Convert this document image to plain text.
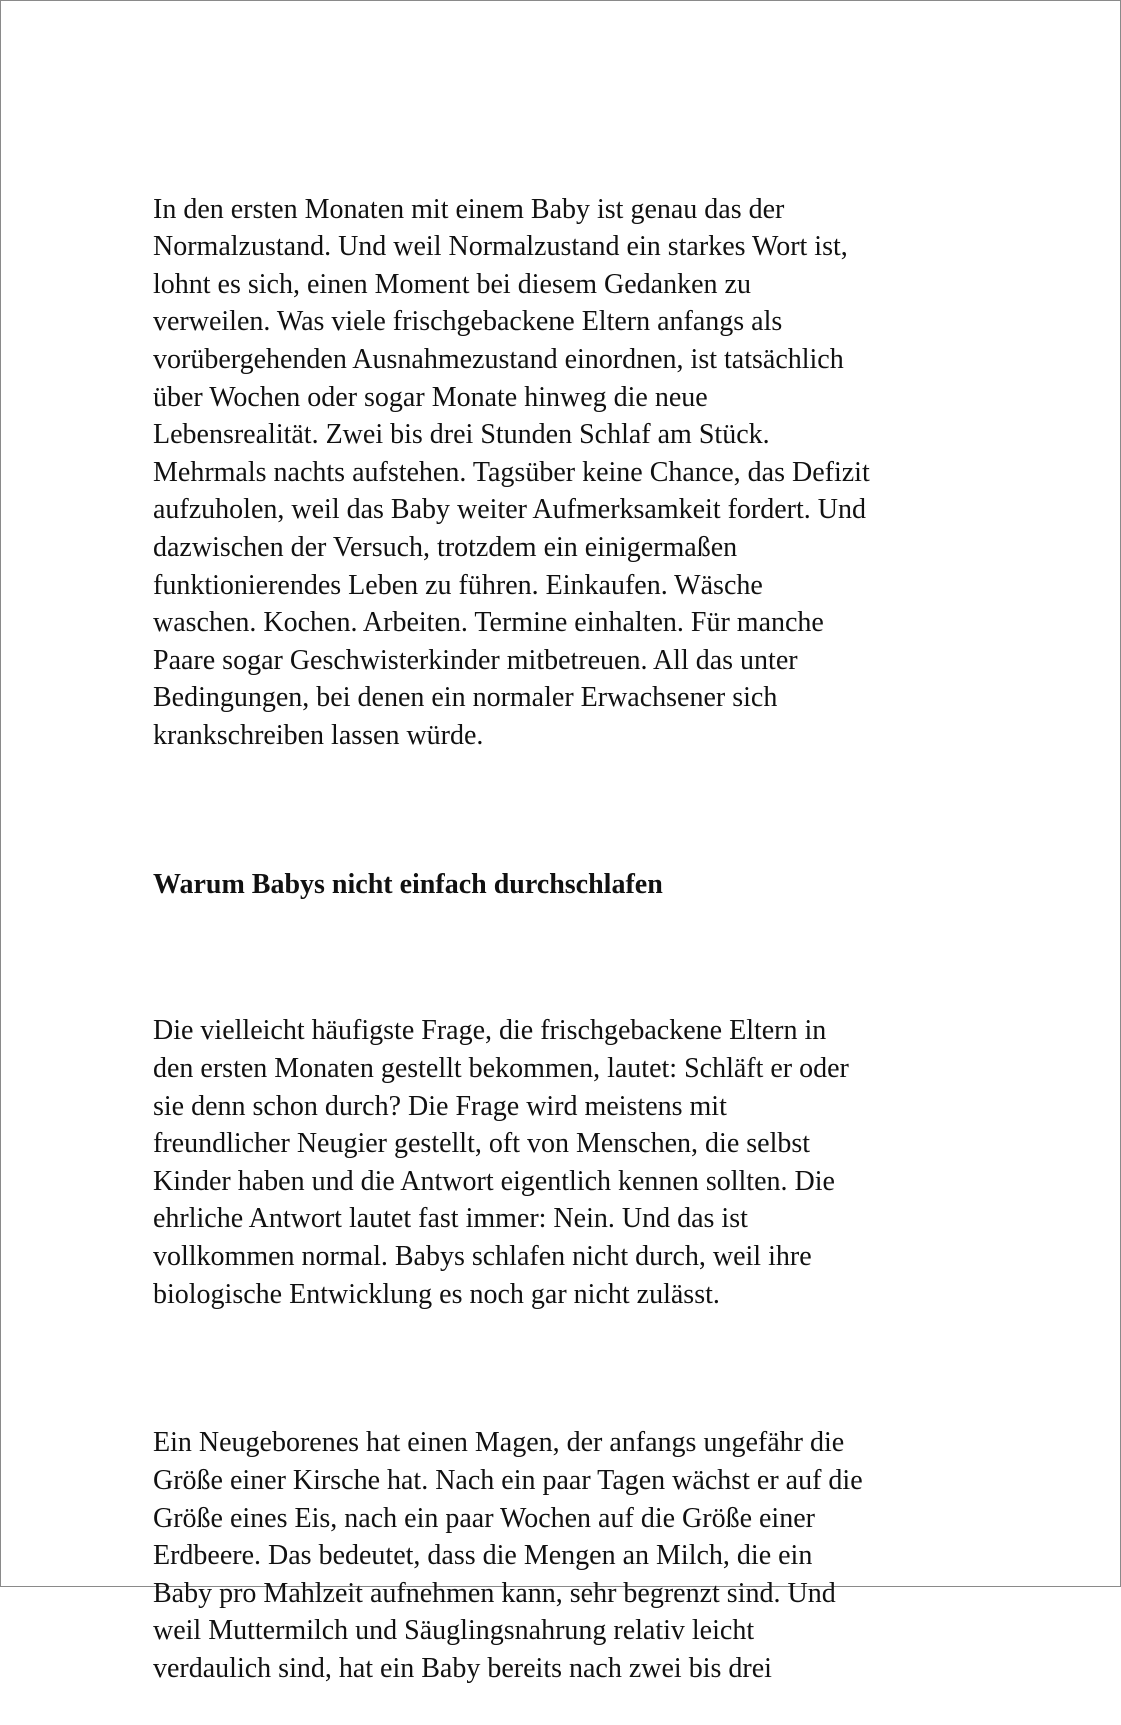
In den ersten Monaten mit einem Baby ist genau das der
Normalzustand. Und weil Normalzustand ein starkes Wort ist,
lohnt es sich, einen Moment bei diesem Gedanken zu
verweilen. Was viele frischgebackene Eltern anfangs als
vorübergehenden Ausnahmezustand einordnen, ist tatsächlich
über Wochen oder sogar Monate hinweg die neue
Lebensrealität. Zwei bis drei Stunden Schlaf am Stück.
Mehrmals nachts aufstehen. Tagsüber keine Chance, das Defizit
aufzuholen, weil das Baby weiter Aufmerksamkeit fordert. Und
dazwischen der Versuch, trotzdem ein einigermaßen
funktionierendes Leben zu führen. Einkaufen. Wäsche
waschen. Kochen. Arbeiten. Termine einhalten. Für manche
Paare sogar Geschwisterkinder mitbetreuen. All das unter
Bedingungen, bei denen ein normaler Erwachsener sich
krankschreiben lassen würde.

Warum Babys nicht einfach durchschlafen

Die vielleicht häufigste Frage, die frischgebackene Eltern in
den ersten Monaten gestellt bekommen, lautet: Schläft er oder
sie denn schon durch? Die Frage wird meistens mit
freundlicher Neugier gestellt, oft von Menschen, die selbst
Kinder haben und die Antwort eigentlich kennen sollten. Die
ehrliche Antwort lautet fast immer: Nein. Und das ist
vollkommen normal. Babys schlafen nicht durch, weil ihre
biologische Entwicklung es noch gar nicht zulässt.

Ein Neugeborenes hat einen Magen, der anfangs ungefähr die
Größe einer Kirsche hat. Nach ein paar Tagen wächst er auf die
Größe eines Eis, nach ein paar Wochen auf die Größe einer
Erdbeere. Das bedeutet, dass die Mengen an Milch, die ein
Baby pro Mahlzeit aufnehmen kann, sehr begrenzt sind. Und
weil Muttermilch und Säuglingsnahrung relativ leicht
verdaulich sind, hat ein Baby bereits nach zwei bis drei
